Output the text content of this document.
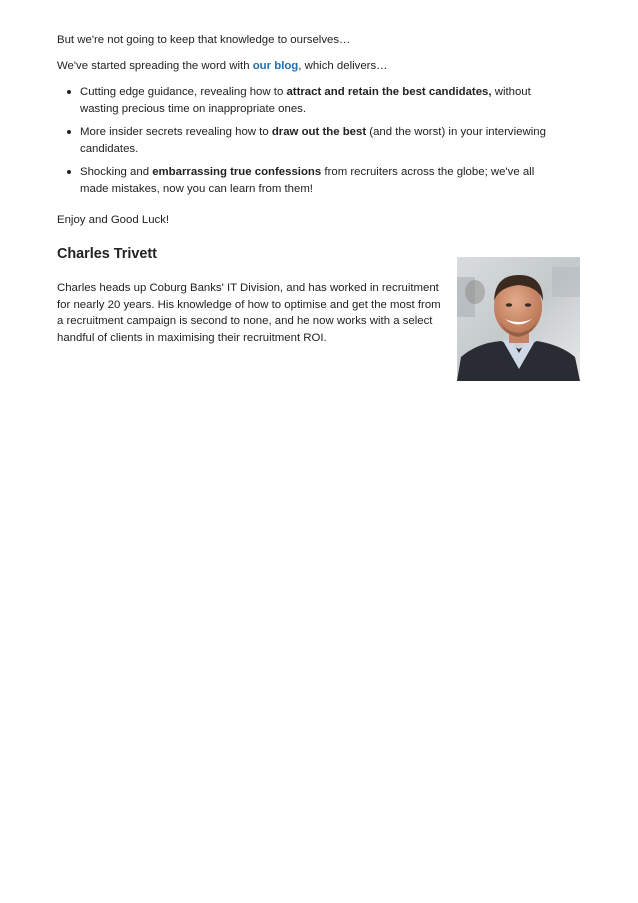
But we're not going to keep that knowledge to ourselves…

We've started spreading the word with our blog, which delivers…

Cutting edge guidance, revealing how to attract and retain the best candidates, without wasting precious time on inappropriate ones.
More insider secrets revealing how to draw out the best (and the worst) in your interviewing candidates.
Shocking and embarrassing true confessions from recruiters across the globe; we've all made mistakes, now you can learn from them!

Enjoy and Good Luck!

Charles Trivett

Charles heads up Coburg Banks' IT Division, and has worked in recruitment for nearly 20 years. His knowledge of how to optimise and get the most from a recruitment campaign is second to none, and he now works with a select handful of clients in maximising their recruitment ROI.
